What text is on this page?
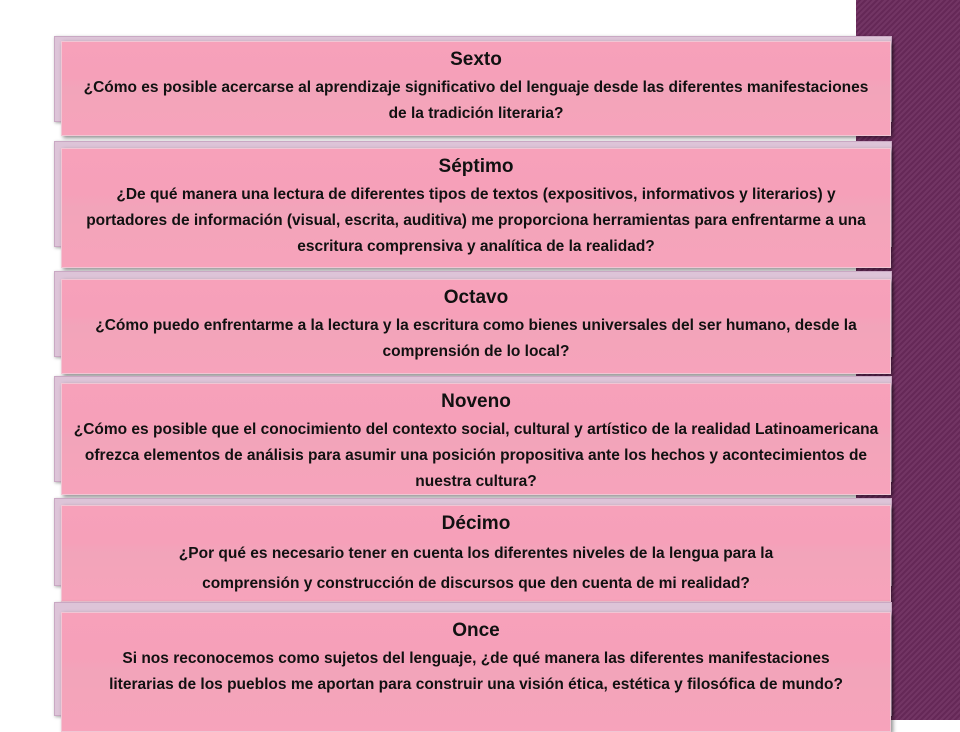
Sexto
¿Cómo es posible acercarse al aprendizaje significativo del lenguaje desde las diferentes manifestaciones de la tradición literaria?
Séptimo
¿De qué manera una lectura de diferentes tipos de textos (expositivos, informativos y literarios) y portadores de información (visual, escrita, auditiva) me proporciona herramientas para enfrentarme a una escritura comprensiva y analítica de la realidad?
Octavo
¿Cómo puedo enfrentarme a la lectura y la escritura como bienes universales del ser humano, desde la comprensión de lo local?
Noveno
¿Cómo es posible que el conocimiento del contexto social, cultural y artístico de la realidad Latinoamericana ofrezca elementos de análisis para asumir una posición propositiva ante los hechos y acontecimientos de nuestra cultura?
Décimo
¿Por qué es necesario tener en cuenta los diferentes niveles de la lengua para la comprensión y construcción de discursos que den cuenta de mi realidad?
Once
Si nos reconocemos como sujetos del lenguaje, ¿de qué manera las diferentes manifestaciones literarias de los pueblos me aportan para construir una visión ética, estética y filosófica de mundo?
